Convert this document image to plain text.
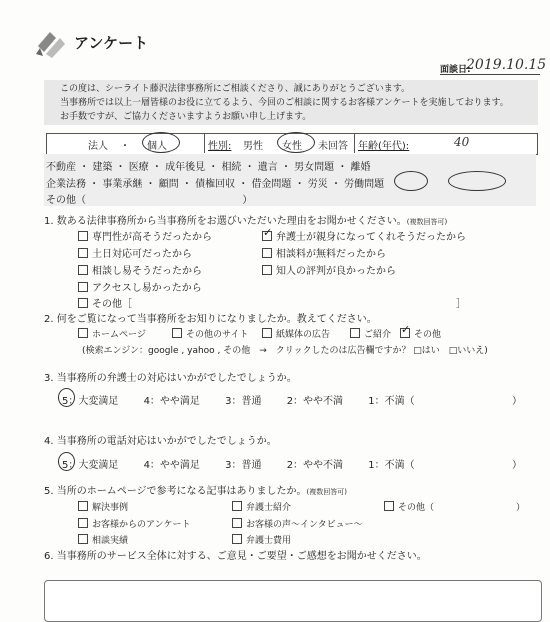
アンケート
面談日:
2019.10.15
この度は、シーライト藤沢法律事務所にご相談くださり、誠にありがとうございます。
当事務所では以上一層皆様のお役に立てるよう、今回のご相談に関するお客様アンケートを実施しております。
お手数ですが、ご協力くださいますようお願い申し上げます。
法人 ・ 個人	性別: 男性 女性 未回答 年齢(年代):	40
不動産 ・ 建築 ・ 医療 ・ 成年後見 ・ 相続 ・ 遺言 ・ 男女問題 ・ 離婚
企業法務 ・ 事業承継 ・ 顧問 ・ 債権回収 ・ 借金問題 ・ 労災 ・ 労働問題
その他（	）
1. 数ある法律事務所から当事務所をお選びいただいた理由をお聞かせください。(複数回答可)
専門性が高そうだったから	✓ 弁護士が親身になってくれそうだったから
土日対応可だったから	相談料が無料だったから
相談し易そうだったから	知人の評判が良かったから
アクセスし易かったから
その他［	］
2. 何をご覧になって当事務所をお知りになりましたか。教えてください。
ホームページ	その他のサイト	紙媒体の広告	ご紹介 ✓ その他
(検索エンジン：google , yahoo , その他　→　クリックしたのは広告欄ですか？ □はい　□いいえ)
3. 当事務所の弁護士の対応はいかがでしたでしょうか。
5：大変満足	4：やや満足	3：普通	2：やや不満	1：不満（	）
4. 当事務所の電話対応はいかがでしたでしょうか。
5：大変満足	4：やや満足	3：普通	2：やや不満	1：不満（	）
5. 当所のホームページで参考になる記事はありましたか。(複数回答可)
解決事例	弁護士紹介	その他（	）
お客様からのアンケート	お客様の声～インタビュー～
相談実績	弁護士費用
6. 当事務所のサービス全体に対する、ご意見・ご要望・ご感想をお聞かせください。
